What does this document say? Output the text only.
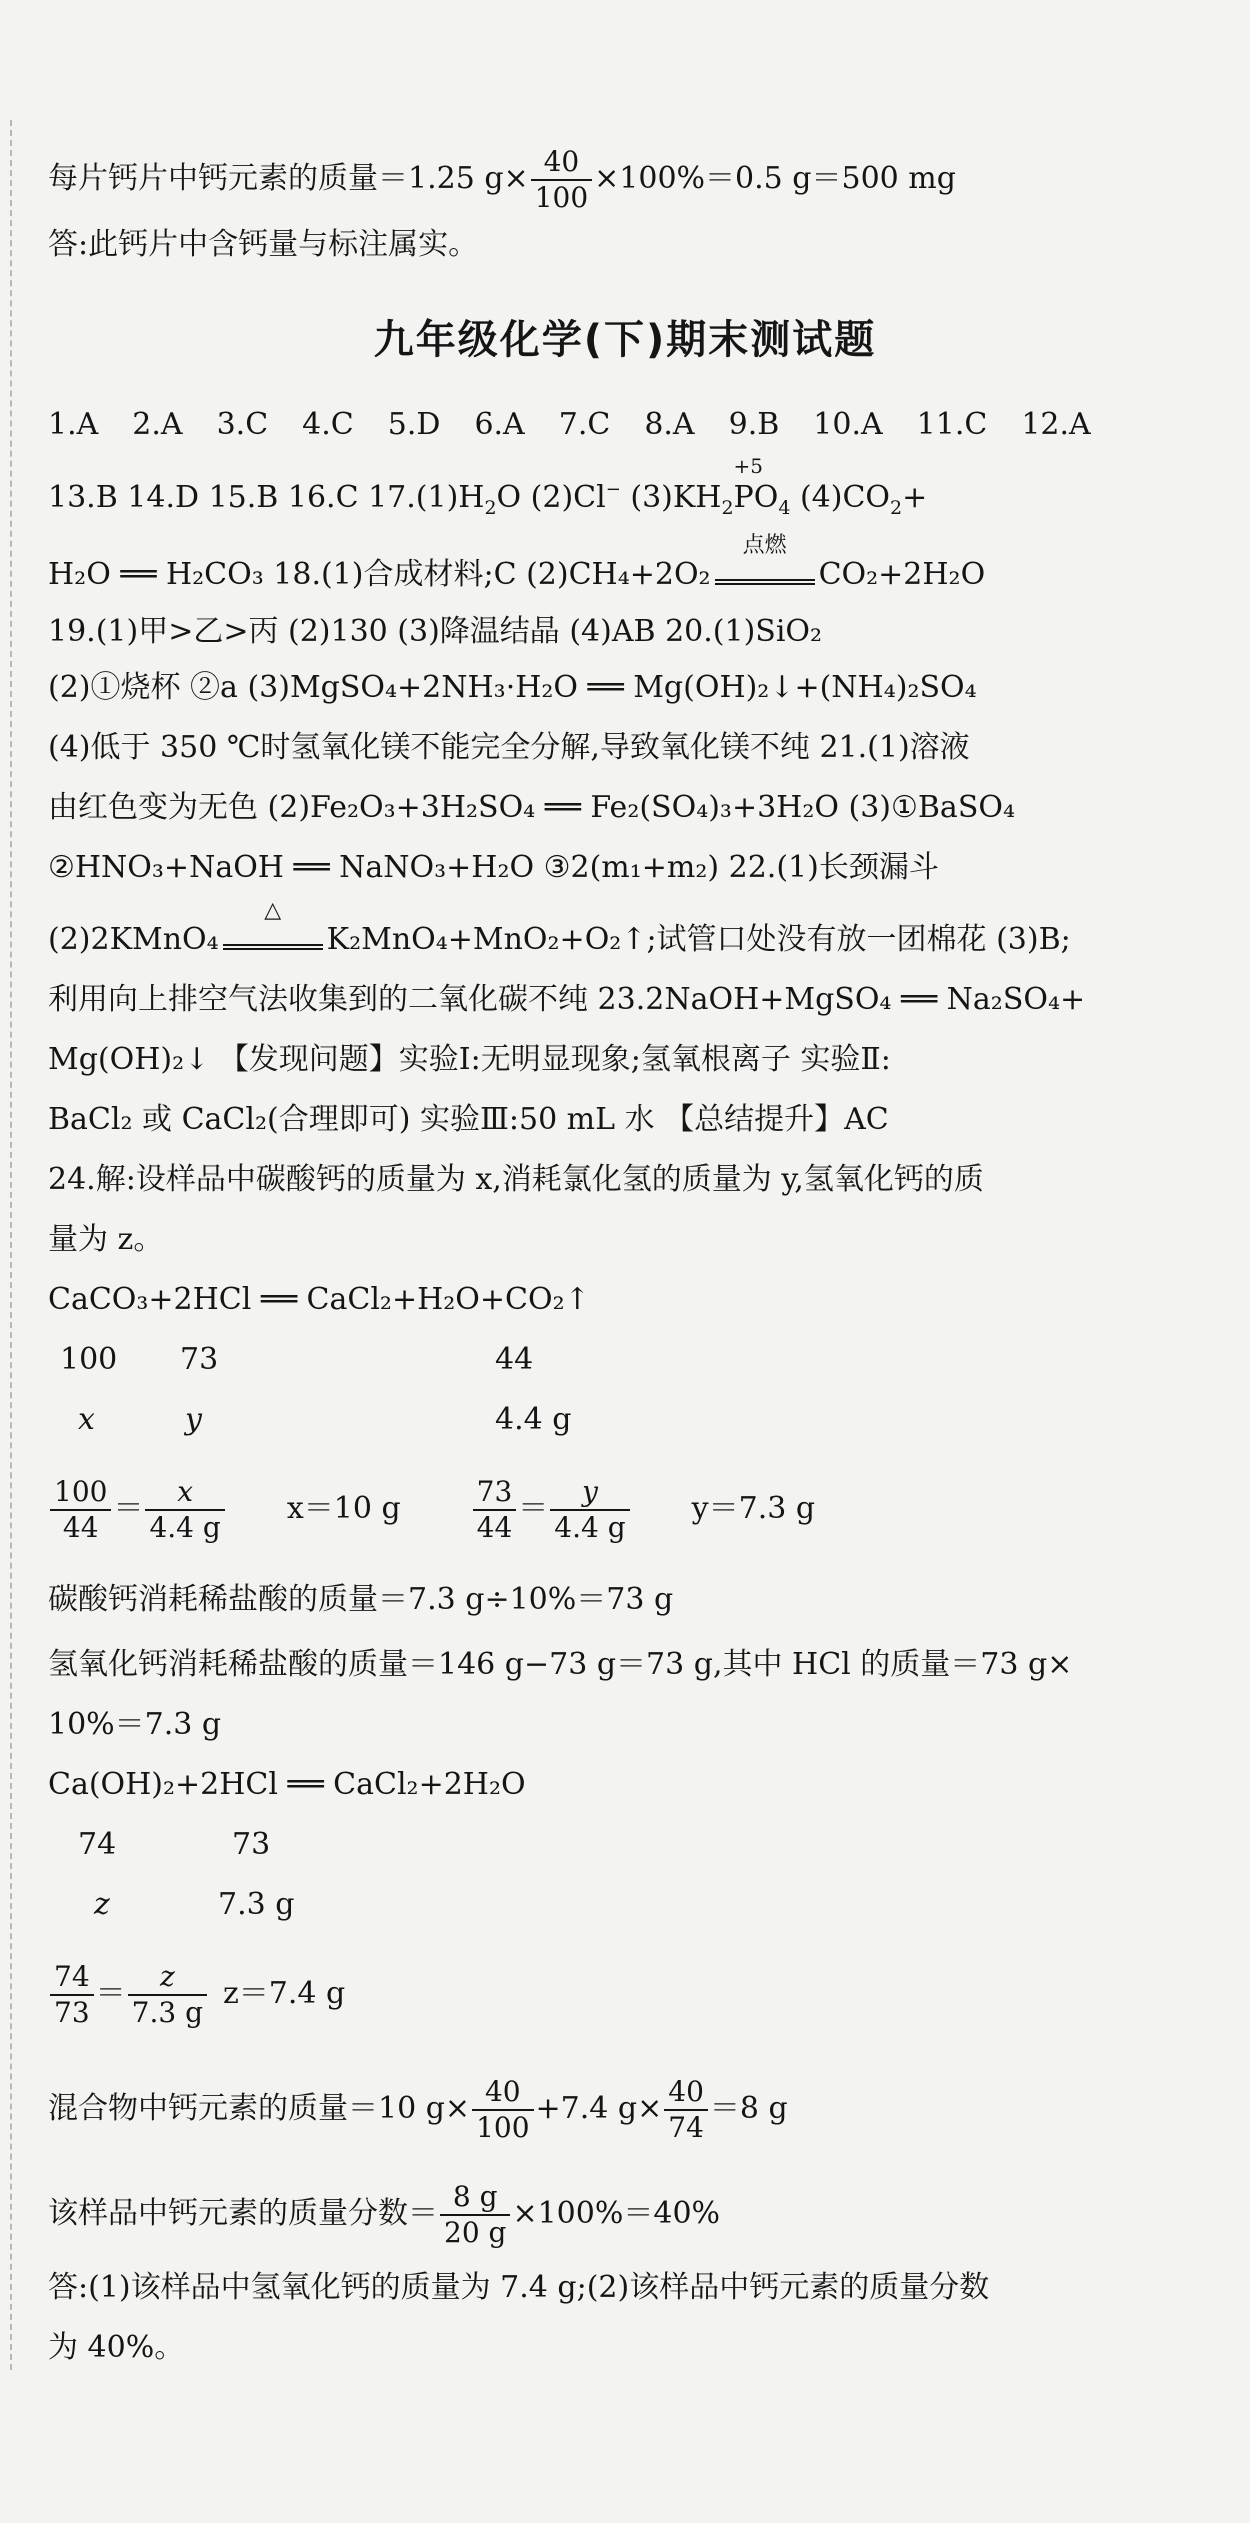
每片钙片中钙元素的质量＝1.25 $g\times \frac{40}{100} \times 100\%=0.5$ g＝500 mg
答:此钙片中含钙量与标注属实。
九年级化学(下)期末测试题
1.A 2.A 3.C 4.C 5.D 6.A 7.C 8.A 9.B 10.A 11.C 12.A
13.B 14.D 15.B 16.C $17.(1)H_2O$ (2)Cl− $(3)KH_2$
+5
$PO_4$ $(4)CO_2+$
H₂O ══ H₂CO₃ 18.(1)合成材料;C (2)CH₄+2O₂
点燃
CO₂+2H₂O
19.(1)甲>乙>丙 (2)130 (3)降温结晶 (4)AB 20.(1)SiO₂
(2)①烧杯 ②a (3)MgSO₄+2NH₃·H₂O ══ Mg(OH)₂↓+(NH₄)₂SO₄
(4)低于 350 ℃时氢氧化镁不能完全分解,导致氧化镁不纯 21.(1)溶液
由红色变为无色 (2)Fe₂O₃+3H₂SO₄ ══ Fe₂(SO₄)₃+3H₂O (3)①BaSO₄
②HNO₃+NaOH ══ NaNO₃+H₂O ③2(m₁+m₂) 22.(1)长颈漏斗
(2)2KMnO₄
△
K₂MnO₄+MnO₂+O₂↑;试管口处没有放一团棉花 (3)B;
利用向上排空气法收集到的二氧化碳不纯 23.2NaOH+MgSO₄ ══ Na₂SO₄+
Mg(OH)₂↓ 【发现问题】实验Ⅰ:无明显现象;氢氧根离子 实验Ⅱ:
BaCl₂ 或 CaCl₂(合理即可) 实验Ⅲ:50 mL 水 【总结提升】AC
24.解:设样品中碳酸钙的质量为 x,消耗氯化氢的质量为 y,氢氧化钙的质
量为 z。
CaCO₃+2HCl ══ CaCl₂+H₂O+CO₂↑
100 73	44
x	y	4.4 g
$\frac{100}{44} = \frac{x}{4.4 g} x=10$ g	$\frac{73}{44} = \frac{y}{4.4 g} y=7.3$ g
碳酸钙消耗稀盐酸的质量＝7.3 g÷10%＝73 g
氢氧化钙消耗稀盐酸的质量＝146 g−73 g＝73 g,其中 HCl 的质量＝73 g×
10%＝7.3 g
Ca(OH)₂+2HCl ══ CaCl₂+2H₂O
74	73
z	7.3 g
$\frac{74}{73} = \frac{z}{7.3 g} z=7.4$ g
混合物中钙元素的质量＝10 $g\times \frac{40}{100} +7.4$ $g\times \frac{40}{74} =8$ g
该样品中钙元素的质量分数＝ $\frac{8 g}{20 g} \times 100\%=40\%$
答:(1)该样品中氢氧化钙的质量为 7.4 g;(2)该样品中钙元素的质量分数
为 40%。
